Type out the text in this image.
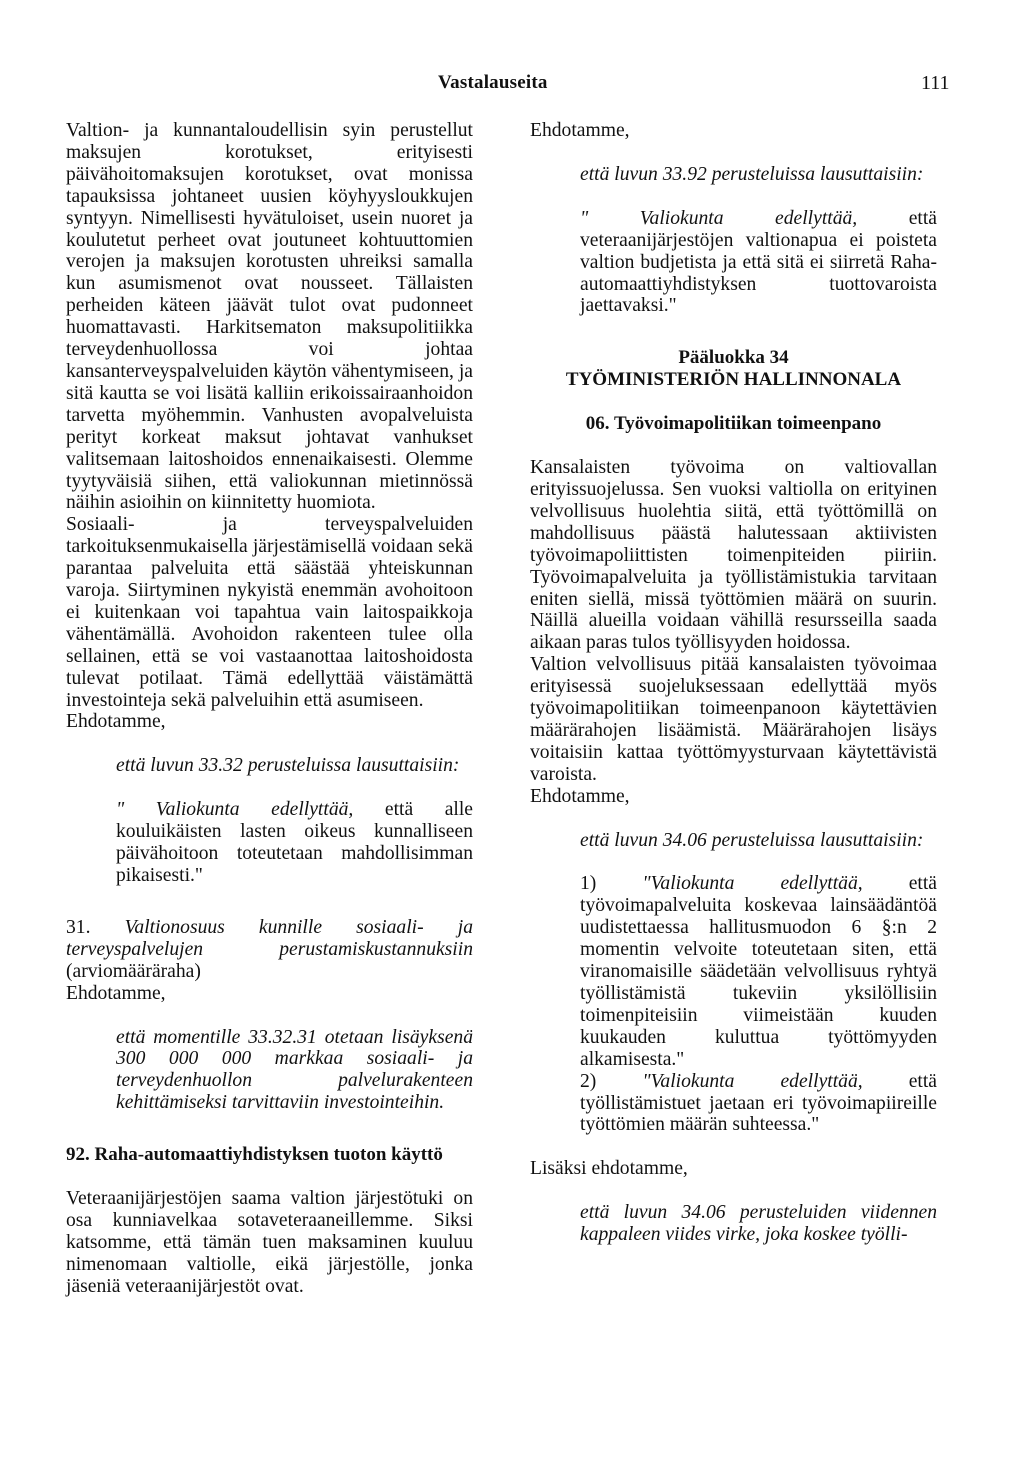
Vastalauseita	111

Valtion- ja kunnantaloudellisin syin perustellut maksujen korotukset, erityisesti päivähoitomaksujen korotukset, ovat monissa tapauksissa johtaneet uusien köyhyysloukkujen syntyyn. Nimellisesti hyvätuloiset, usein nuoret ja koulutetut perheet ovat joutuneet kohtuuttomien verojen ja maksujen korotusten uhreiksi samalla kun asumismenot ovat nousseet. Tällaisten perheiden käteen jäävät tulot ovat pudonneet huomattavasti. Harkitsematon maksupolitiikka terveydenhuollossa voi johtaa kansanterveyspalveluiden käytön vähentymiseen, ja sitä kautta se voi lisätä kalliin erikoissairaanhoidon tarvetta myöhemmin. Vanhusten avopalveluista perityt korkeat maksut johtavat vanhukset valitsemaan laitoshoidos ennenaikaisesti. Olemme tyytyväisiä siihen, että valiokunnan mietinnössä näihin asioihin on kiinnitetty huomiota.

Sosiaali- ja terveyspalveluiden tarkoituksenmukaisella järjestämisellä voidaan sekä parantaa palveluita että säästää yhteiskunnan varoja. Siirtyminen nykyistä enemmän avohoitoon ei kuitenkaan voi tapahtua vain laitospaikkoja vähentämällä. Avohoidon rakenteen tulee olla sellainen, että se voi vastaanottaa laitoshoidosta tulevat potilaat. Tämä edellyttää väistämättä investointeja sekä palveluihin että asumiseen.

Ehdotamme,

että luvun 33.32 perusteluissa lausuttaisiin:

" Valiokunta edellyttää, että alle kouluikäisten lasten oikeus kunnalliseen päivähoitoon toteutetaan mahdollisimman pikaisesti."

31. Valtionosuus kunnille sosiaali- ja terveyspalvelujen perustamiskustannuksiin (arviomääräraha)

Ehdotamme,

että momentille 33.32.31 otetaan lisäyksenä 300 000 000 markkaa sosiaali- ja terveydenhuollon palvelurakenteen kehittämiseksi tarvittaviin investointeihin.

92. Raha-automaattiyhdistyksen tuoton käyttö

Veteraanijärjestöjen saama valtion järjestötuki on osa kunniavelkaa sotaveteraaneillemme. Siksi katsomme, että tämän tuen maksaminen kuuluu nimenomaan valtiolle, eikä järjestölle, jonka jäseniä veteraanijärjestöt ovat.

Ehdotamme,

että luvun 33.92 perusteluissa lausuttaisiin:

" Valiokunta edellyttää, että veteraanijärjestöjen valtionapua ei poisteta valtion budjetista ja että sitä ei siirretä Raha-automaattiyhdistyksen tuottovaroista jaettavaksi."

Pääluokka 34

TYÖMINISTERIÖN HALLINNONALA

06. Työvoimapolitiikan toimeenpano

Kansalaisten työvoima on valtiovallan erityissuojelussa. Sen vuoksi valtiolla on erityinen velvollisuus huolehtia siitä, että työttömillä on mahdollisuus päästä halutessaan aktiivisten työvoimapoliittisten toimenpiteiden piiriin. Työvoimapalveluita ja työllistämistukia tarvitaan eniten siellä, missä työttömien määrä on suurin. Näillä alueilla voidaan vähillä resursseilla saada aikaan paras tulos työllisyyden hoidossa.

Valtion velvollisuus pitää kansalaisten työvoimaa erityisessä suojeluksessaan edellyttää myös työvoimapolitiikan toimeenpanoon käytettävien määrärahojen lisäämistä. Määrärahojen lisäys voitaisiin kattaa työttömyysturvaan käytettävistä varoista.

Ehdotamme,

että luvun 34.06 perusteluissa lausuttaisiin:

1) "Valiokunta edellyttää, että työvoimapalveluita koskevaa lainsäädäntöä uudistettaessa hallitusmuodon 6 §:n 2 momentin velvoite toteutetaan siten, että viranomaisille säädetään velvollisuus ryhtyä työllistämistä tukeviin yksilöllisiin toimenpiteisiin viimeistään kuuden kuukauden kuluttua työttömyyden alkamisesta."

2) "Valiokunta edellyttää, että työllistämistuet jaetaan eri työvoimapiireille työttömien määrän suhteessa."

Lisäksi ehdotamme,

että luvun 34.06 perusteluiden viidennen kappaleen viides virke, joka koskee työlli-
